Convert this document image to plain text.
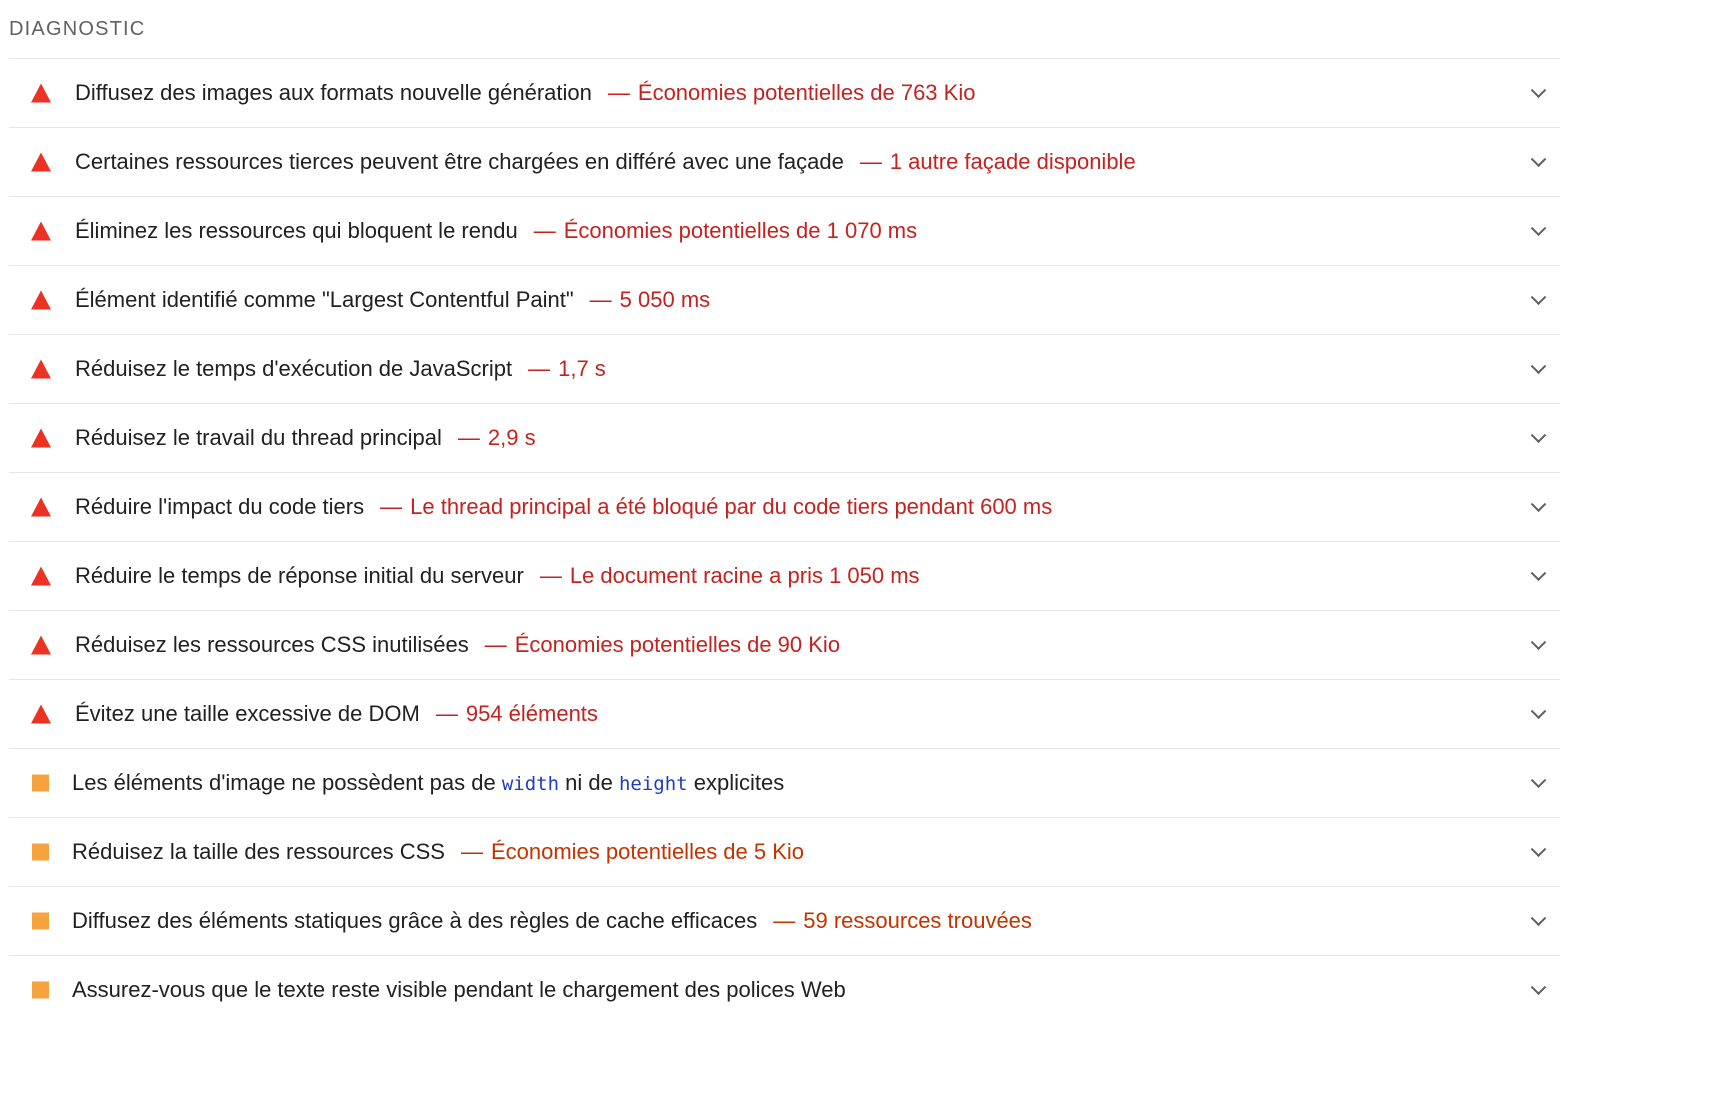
DIAGNOSTIC
Diffusez des images aux formats nouvelle génération — Économies potentielles de 763 Kio
Certaines ressources tierces peuvent être chargées en différé avec une façade — 1 autre façade disponible
Éliminez les ressources qui bloquent le rendu — Économies potentielles de 1 070 ms
Élément identifié comme "Largest Contentful Paint" — 5 050 ms
Réduisez le temps d'exécution de JavaScript — 1,7 s
Réduisez le travail du thread principal — 2,9 s
Réduire l'impact du code tiers — Le thread principal a été bloqué par du code tiers pendant 600 ms
Réduire le temps de réponse initial du serveur — Le document racine a pris 1 050 ms
Réduisez les ressources CSS inutilisées — Économies potentielles de 90 Kio
Évitez une taille excessive de DOM — 954 éléments
Les éléments d'image ne possèdent pas de width ni de height explicites
Réduisez la taille des ressources CSS — Économies potentielles de 5 Kio
Diffusez des éléments statiques grâce à des règles de cache efficaces — 59 ressources trouvées
Assurez-vous que le texte reste visible pendant le chargement des polices Web
